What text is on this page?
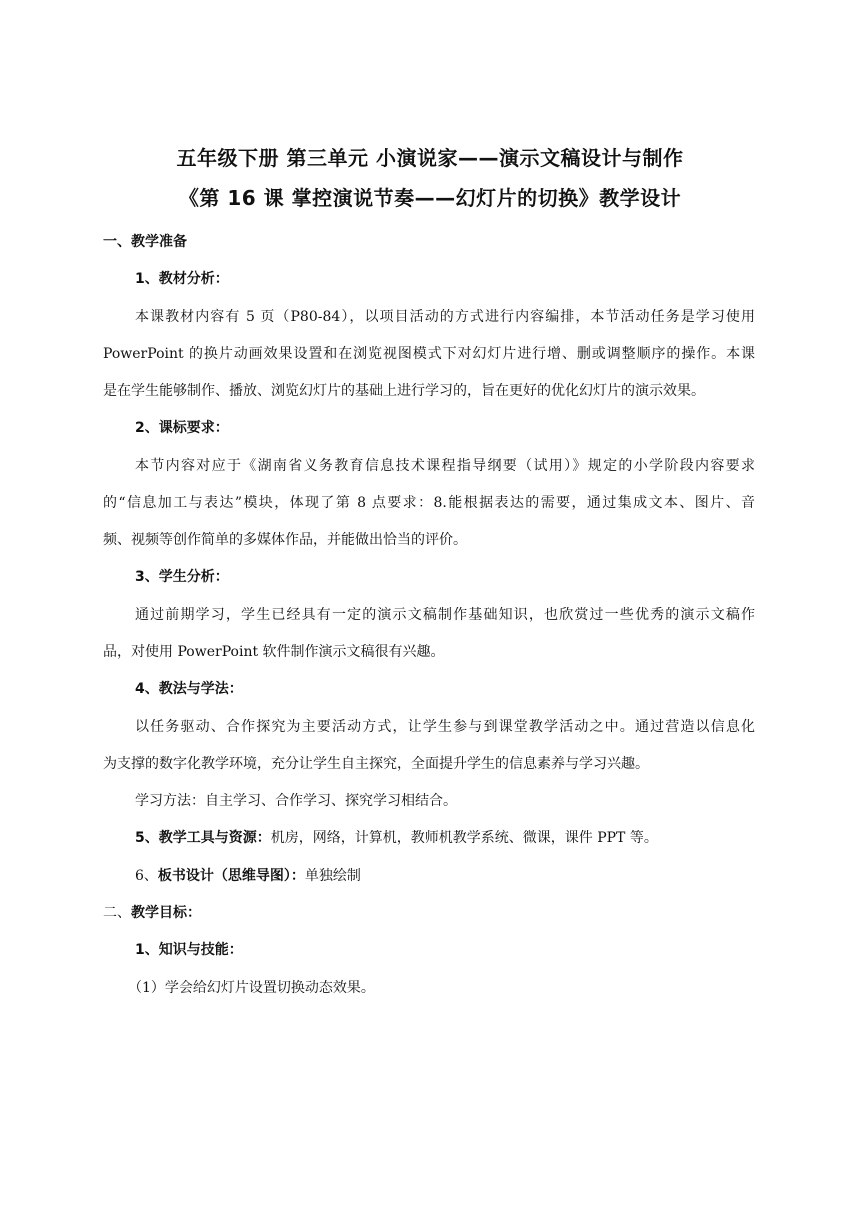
五年级下册 第三单元 小演说家——演示文稿设计与制作
《第 16 课 掌控演说节奏——幻灯片的切换》教学设计
一、教学准备
1、教材分析：
本课教材内容有 5 页（P80-84），以项目活动的方式进行内容编排，本节活动任务是学习使用
PowerPoint 的换片动画效果设置和在浏览视图模式下对幻灯片进行增、删或调整顺序的操作。本课
是在学生能够制作、播放、浏览幻灯片的基础上进行学习的，旨在更好的优化幻灯片的演示效果。
2、课标要求：
本节内容对应于《湖南省义务教育信息技术课程指导纲要（试用）》规定的小学阶段内容要求
的“信息加工与表达”模块，体现了第 8 点要求：8.能根据表达的需要，通过集成文本、图片、音
频、视频等创作简单的多媒体作品，并能做出恰当的评价。
3、学生分析：
通过前期学习，学生已经具有一定的演示文稿制作基础知识，也欣赏过一些优秀的演示文稿作
品，对使用 PowerPoint 软件制作演示文稿很有兴趣。
4、教法与学法：
以任务驱动、合作探究为主要活动方式，让学生参与到课堂教学活动之中。通过营造以信息化
为支撑的数字化教学环境，充分让学生自主探究，全面提升学生的信息素养与学习兴趣。
学习方法：自主学习、合作学习、探究学习相结合。
5、教学工具与资源：机房，网络，计算机，教师机教学系统、微课，课件 PPT 等。
6、板书设计（思维导图）：单独绘制
二、教学目标：
1、知识与技能：
（1）学会给幻灯片设置切换动态效果。
